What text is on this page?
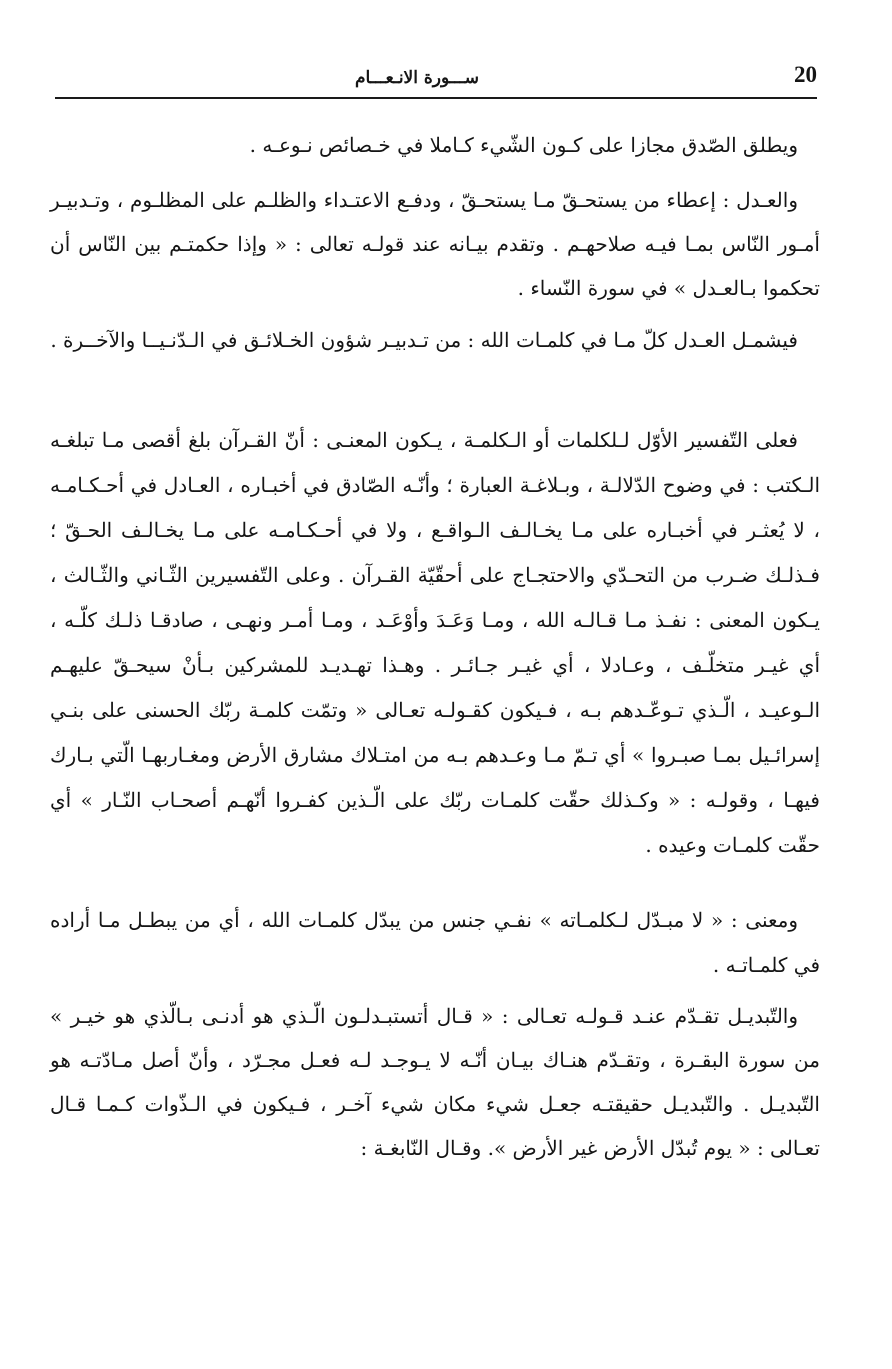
20
ســـورة الانـعـــام

ويطلق الصّدق مجازا على كـون الشّيء كـاملا في خـصائص نـوعـه .

والعـدل : إعطاء من يستحـقّ مـا يستحـقّ ، ودفـع الاعتـداء والظلـم على المظلـوم ، وتـدبيـر أمـور النّاس بمـا فيـه صلاحهـم . وتقدم بيـانه عند قولـه تعالى : « وإذا حكمتـم بين النّاس أن تحكموا بـالعـدل » في سورة النّساء .

فيشمـل العـدل كلّ مـا في كلمـات الله : من تـدبيـر شؤون الخـلائـق في الـدّنـيــا والآخــرة .

فعلى التّفسير الأوّل لـلكلمات أو الـكلمـة ، يـكون المعنـى : أنّ القـرآن بلغ أقصى مـا تبلغـه الـكتب : في وضوح الدّلالـة ، وبـلاغـة العبارة ؛ وأنّـه الصّادق في أخبـاره ، العـادل في أحـكـامـه ، لا يُعثـر في أخبـاره على مـا يخـالـف الـواقـع ، ولا في أحـكـامـه على مـا يخـالـف الحـقّ ؛ فـذلـك ضـرب من التحـدّي والاحتجـاج على أحقّيّة القـرآن . وعلى التّفسيرين الثّـاني والثّـالث ، يـكون المعنى : نفـذ مـا قـالـه الله ، ومـا وَعَـدَ وأوْعَـد ، ومـا أمـر ونهـى ، صادقـا ذلـك كلّـه ، أي غيـر متخلّـف ، وعـادلا ، أي غيـر جـائـر . وهـذا تهـديـد للمشركين بـأنْ سيحـقّ عليهـم الـوعيـد ، الّـذي تـوعّـدهم بـه ، فـيكون كقـولـه تعـالى « وتمّت كلمـة ربّك الحسنى على بنـي إسرائـيل بمـا صبـروا » أي تـمّ مـا وعـدهم بـه من امتـلاك مشارق الأرض ومغـاربهـا الّتي بـارك فيهـا ، وقولـه : « وكـذلك حقّت كلمـات ربّك على الّـذين كفـروا أنّهـم أصحـاب النّـار » أي حقّت كلمـات وعيده .

ومعنى : « لا مبـدّل لـكلمـاته » نفـي جنس من يبدّل كلمـات الله ، أي من يبطـل مـا أراده في كلمـاتـه .

والتّبديـل تقـدّم عنـد قـولـه تعـالى : « قـال أتستبـدلـون الّـذي هو أدنـى بـالّذي هو خيـر » من سورة البقـرة ، وتقـدّم هنـاك بيـان أنّـه لا يـوجـد لـه فعـل مجـرّد ، وأنّ أصل مـادّتـه هو التّبديـل . والتّبديـل حقيقتـه جعـل شيء مكان شيء آخـر ، فـيكون في الـذّوات كـمـا قـال تعـالى : « يوم تُبدّل الأرض غير الأرض ». وقـال النّابغـة :
